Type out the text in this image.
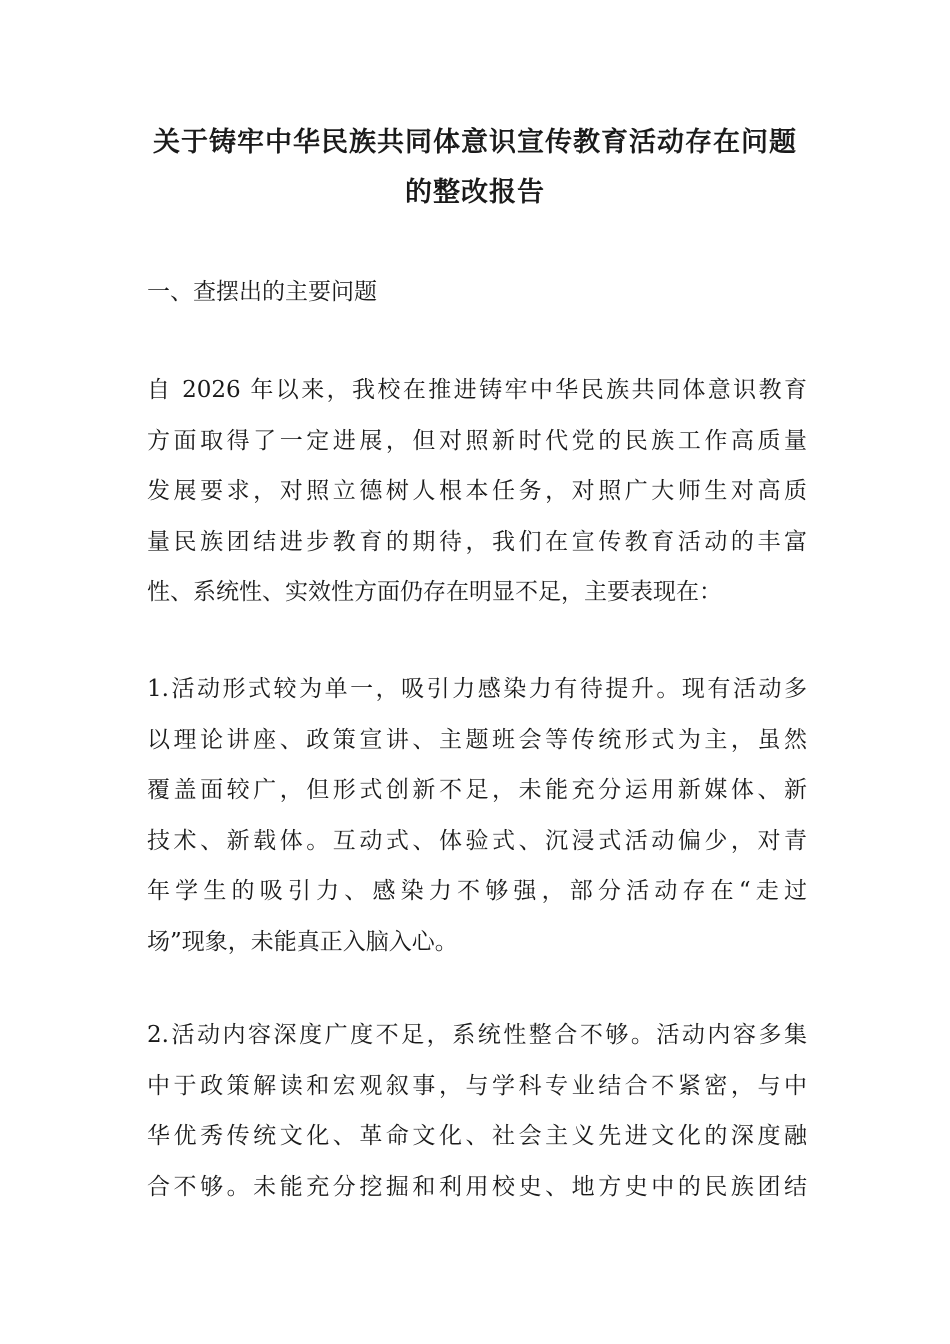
关于铸牢中华民族共同体意识宣传教育活动存在问题
的整改报告
一、查摆出的主要问题
自 2026 年以来，我校在推进铸牢中华民族共同体意识教育
方面取得了一定进展，但对照新时代党的民族工作高质量
发展要求，对照立德树人根本任务，对照广大师生对高质
量民族团结进步教育的期待，我们在宣传教育活动的丰富
性、系统性、实效性方面仍存在明显不足，主要表现在：
1.活动形式较为单一，吸引力感染力有待提升。现有活动多
以理论讲座、政策宣讲、主题班会等传统形式为主，虽然
覆盖面较广，但形式创新不足，未能充分运用新媒体、新
技术、新载体。互动式、体验式、沉浸式活动偏少，对青
年学生的吸引力、感染力不够强，部分活动存在“走过
场”现象，未能真正入脑入心。
2.活动内容深度广度不足，系统性整合不够。活动内容多集
中于政策解读和宏观叙事，与学科专业结合不紧密，与中
华优秀传统文化、革命文化、社会主义先进文化的深度融
合不够。未能充分挖掘和利用校史、地方史中的民族团结
